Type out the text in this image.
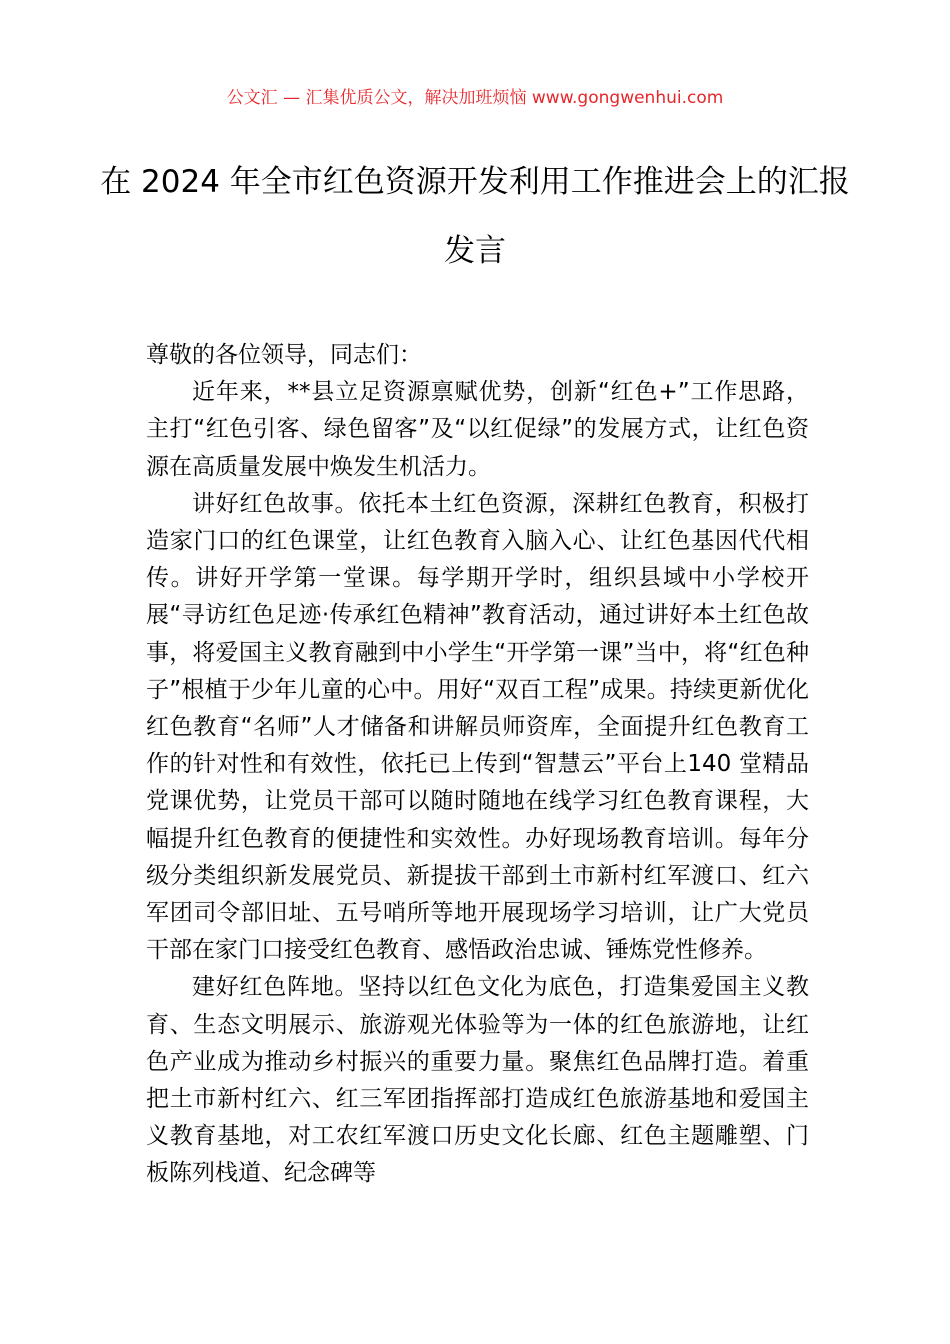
公文汇 — 汇集优质公文，解决加班烦恼 www.gongwenhui.com
在 2024 年全市红色资源开发利用工作推进会上的汇报发言

尊敬的各位领导，同志们：

近年来，**县立足资源禀赋优势，创新“红色+”工作思路，主打“红色引客、绿色留客”及“以红促绿”的发展方式，让红色资源在高质量发展中焕发生机活力。

讲好红色故事。依托本土红色资源，深耕红色教育，积极打造家门口的红色课堂，让红色教育入脑入心、让红色基因代代相传。讲好开学第一堂课。每学期开学时，组织县域中小学校开展“寻访红色足迹·传承红色精神”教育活动，通过讲好本土红色故事，将爱国主义教育融到中小学生“开学第一课”当中，将“红色种子”根植于少年儿童的心中。用好“双百工程”成果。持续更新优化红色教育“名师”人才储备和讲解员师资库，全面提升红色教育工作的针对性和有效性，依托已上传到“智慧云”平台上140 堂精品党课优势，让党员干部可以随时随地在线学习红色教育课程，大幅提升红色教育的便捷性和实效性。办好现场教育培训。每年分级分类组织新发展党员、新提拔干部到土市新村红军渡口、红六军团司令部旧址、五号哨所等地开展现场学习培训，让广大党员干部在家门口接受红色教育、感悟政治忠诚、锤炼党性修养。

建好红色阵地。坚持以红色文化为底色，打造集爱国主义教育、生态文明展示、旅游观光体验等为一体的红色旅游地，让红色产业成为推动乡村振兴的重要力量。聚焦红色品牌打造。着重把土市新村红六、红三军团指挥部打造成红色旅游基地和爱国主义教育基地，对工农红军渡口历史文化长廊、红色主题雕塑、门板陈列栈道、纪念碑等
